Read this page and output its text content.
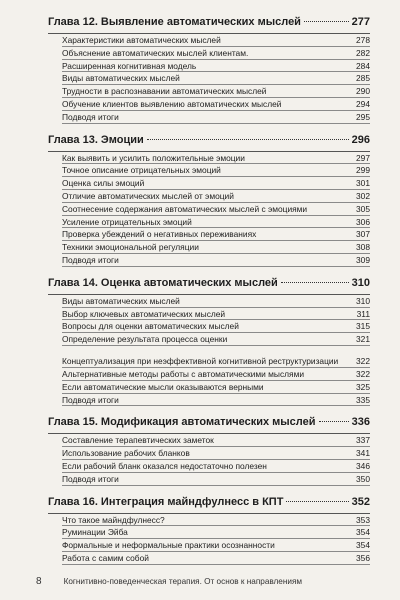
Глава 12. Выявление автоматических мыслей	277
Характеристики автоматических мыслей	278
Объяснение автоматических мыслей клиентам.	282
Расширенная когнитивная модель	284
Виды автоматических мыслей	285
Трудности в распознавании автоматических мыслей	290
Обучение клиентов выявлению автоматических мыслей	294
Подводя итоги	295
Глава 13. Эмоции	296
Как выявить и усилить положительные эмоции	297
Точное описание отрицательных эмоций	299
Оценка силы эмоций	301
Отличие автоматических мыслей от эмоций	302
Соотнесение содержания автоматических мыслей с эмоциями	305
Усиление отрицательных эмоций	306
Проверка убеждений о негативных переживаниях	307
Техники эмоциональной регуляции	308
Подводя итоги	309
Глава 14. Оценка автоматических мыслей	310
Виды автоматических мыслей	310
Выбор ключевых автоматических мыслей	311
Вопросы для оценки автоматических мыслей	315
Определение результата процесса оценки	321
Концептуализация при неэффективной когнитивной реструктуризации	322
Альтернативные методы работы с автоматическими мыслями	322
Если автоматические мысли оказываются верными	325
Подводя итоги	335
Глава 15. Модификация автоматических мыслей	336
Составление терапевтических заметок	337
Использование рабочих бланков	341
Если рабочий бланк оказался недостаточно полезен	346
Подводя итоги	350
Глава 16. Интеграция майндфулнесс в КПТ	352
Что такое майндфулнесс?	353
Руминации Эйба	354
Формальные и неформальные практики осознанности	354
Работа с самим собой	356
8	Когнитивно-поведенческая терапия. От основ к направлениям
